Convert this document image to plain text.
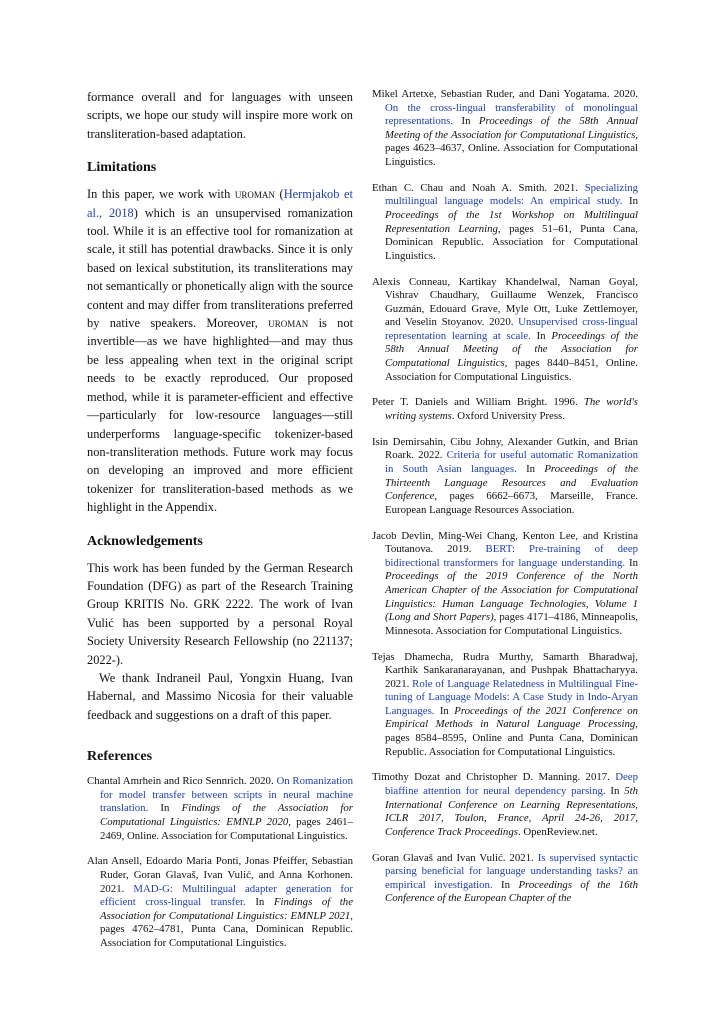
formance overall and for languages with unseen scripts, we hope our study will inspire more work on transliteration-based adaptation.

Limitations

In this paper, we work with uroman (Hermjakob et al., 2018) which is an unsupervised romanization tool. While it is an effective tool for romanization at scale, it still has potential drawbacks. Since it is only based on lexical substitution, its transliterations may not semantically or phonetically align with the source content and may differ from transliterations preferred by native speakers. Moreover, uroman is not invertible—as we have highlighted—and may thus be less appealing when text in the original script needs to be exactly reproduced. Our proposed method, while it is parameter-efficient and effective—particularly for low-resource languages—still underperforms language-specific tokenizer-based non-transliteration methods. Future work may focus on developing an improved and more efficient tokenizer for transliteration-based methods as we highlight in the Appendix.

Acknowledgements

This work has been funded by the German Research Foundation (DFG) as part of the Research Training Group KRITIS No. GRK 2222. The work of Ivan Vulić has been supported by a personal Royal Society University Research Fellowship (no 221137; 2022-).

We thank Indraneil Paul, Yongxin Huang, Ivan Habernal, and Massimo Nicosia for their valuable feedback and suggestions on a draft of this paper.

References

Chantal Amrhein and Rico Sennrich. 2020. On Romanization for model transfer between scripts in neural machine translation. In Findings of the Association for Computational Linguistics: EMNLP 2020, pages 2461–2469, Online. Association for Computational Linguistics.

Alan Ansell, Edoardo Maria Ponti, Jonas Pfeiffer, Sebastian Ruder, Goran Glavaš, Ivan Vulić, and Anna Korhonen. 2021. MAD-G: Multilingual adapter generation for efficient cross-lingual transfer. In Findings of the Association for Computational Linguistics: EMNLP 2021, pages 4762–4781, Punta Cana, Dominican Republic. Association for Computational Linguistics.

Mikel Artetxe, Sebastian Ruder, and Dani Yogatama. 2020. On the cross-lingual transferability of monolingual representations. In Proceedings of the 58th Annual Meeting of the Association for Computational Linguistics, pages 4623–4637, Online. Association for Computational Linguistics.

Ethan C. Chau and Noah A. Smith. 2021. Specializing multilingual language models: An empirical study. In Proceedings of the 1st Workshop on Multilingual Representation Learning, pages 51–61, Punta Cana, Dominican Republic. Association for Computational Linguistics.

Alexis Conneau, Kartikay Khandelwal, Naman Goyal, Vishrav Chaudhary, Guillaume Wenzek, Francisco Guzmán, Edouard Grave, Myle Ott, Luke Zettlemoyer, and Veselin Stoyanov. 2020. Unsupervised cross-lingual representation learning at scale. In Proceedings of the 58th Annual Meeting of the Association for Computational Linguistics, pages 8440–8451, Online. Association for Computational Linguistics.

Peter T. Daniels and William Bright. 1996. The world's writing systems. Oxford University Press.

Isin Demirsahin, Cibu Johny, Alexander Gutkin, and Brian Roark. 2022. Criteria for useful automatic Romanization in South Asian languages. In Proceedings of the Thirteenth Language Resources and Evaluation Conference, pages 6662–6673, Marseille, France. European Language Resources Association.

Jacob Devlin, Ming-Wei Chang, Kenton Lee, and Kristina Toutanova. 2019. BERT: Pre-training of deep bidirectional transformers for language understanding. In Proceedings of the 2019 Conference of the North American Chapter of the Association for Computational Linguistics: Human Language Technologies, Volume 1 (Long and Short Papers), pages 4171–4186, Minneapolis, Minnesota. Association for Computational Linguistics.

Tejas Dhamecha, Rudra Murthy, Samarth Bharadwaj, Karthik Sankaranarayanan, and Pushpak Bhattacharyya. 2021. Role of Language Relatedness in Multilingual Fine-tuning of Language Models: A Case Study in Indo-Aryan Languages. In Proceedings of the 2021 Conference on Empirical Methods in Natural Language Processing, pages 8584–8595, Online and Punta Cana, Dominican Republic. Association for Computational Linguistics.

Timothy Dozat and Christopher D. Manning. 2017. Deep biaffine attention for neural dependency parsing. In 5th International Conference on Learning Representations, ICLR 2017, Toulon, France, April 24-26, 2017, Conference Track Proceedings. OpenReview.net.

Goran Glavaš and Ivan Vulić. 2021. Is supervised syntactic parsing beneficial for language understanding tasks? an empirical investigation. In Proceedings of the 16th Conference of the European Chapter of the
